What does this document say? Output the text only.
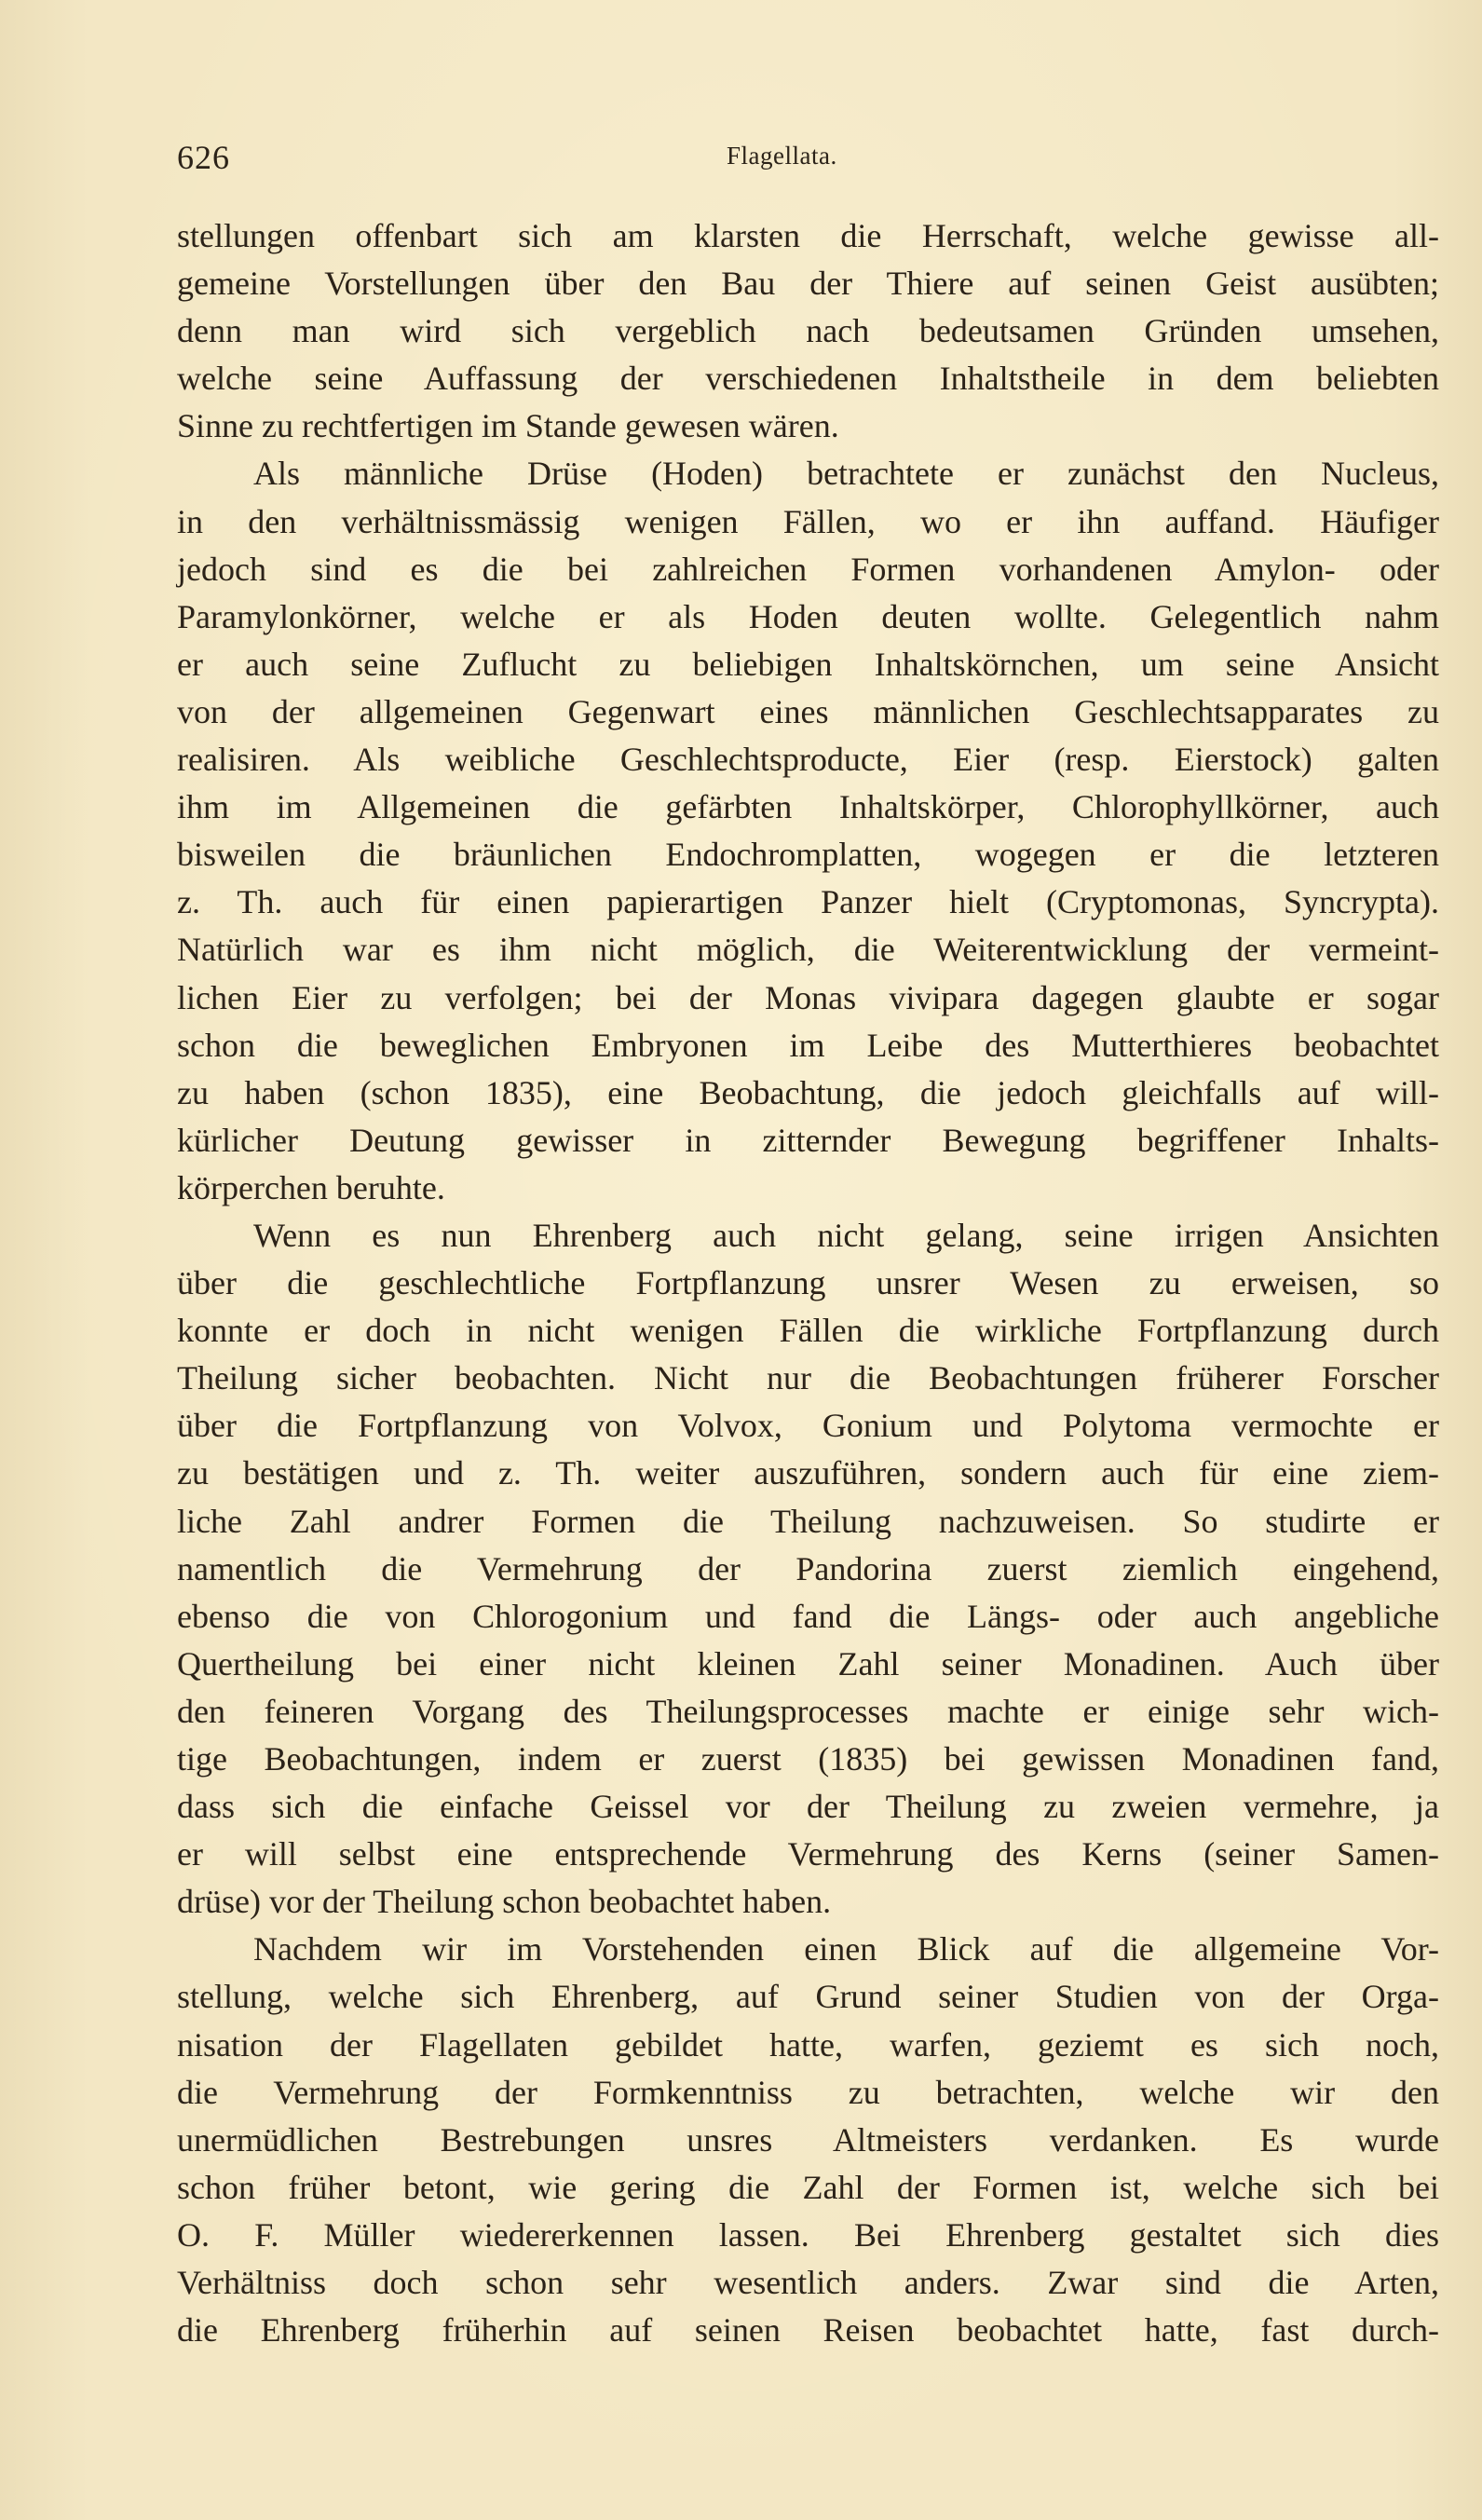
626	Flagellata.
stellungen offenbart sich am klarsten die Herrschaft, welche gewisse all-
gemeine Vorstellungen über den Bau der Thiere auf seinen Geist ausübten;
denn man wird sich vergeblich nach bedeutsamen Gründen umsehen,
welche seine Auffassung der verschiedenen Inhaltstheile in dem beliebten
Sinne zu rechtfertigen im Stande gewesen wären.
Als männliche Drüse (Hoden) betrachtete er zunächst den Nucleus,
in den verhältnissmässig wenigen Fällen, wo er ihn auffand. Häufiger
jedoch sind es die bei zahlreichen Formen vorhandenen Amylon- oder
Paramylonkörner, welche er als Hoden deuten wollte. Gelegentlich nahm
er auch seine Zuflucht zu beliebigen Inhaltskörnchen, um seine Ansicht
von der allgemeinen Gegenwart eines männlichen Geschlechtsapparates zu
realisiren. Als weibliche Geschlechtsproducte, Eier (resp. Eierstock) galten
ihm im Allgemeinen die gefärbten Inhaltskörper, Chlorophyllkörner, auch
bisweilen die bräunlichen Endochromplatten, wogegen er die letzteren
z. Th. auch für einen papierartigen Panzer hielt (Cryptomonas, Syncrypta).
Natürlich war es ihm nicht möglich, die Weiterentwicklung der vermeint-
lichen Eier zu verfolgen; bei der Monas vivipara dagegen glaubte er sogar
schon die beweglichen Embryonen im Leibe des Mutterthieres beobachtet
zu haben (schon 1835), eine Beobachtung, die jedoch gleichfalls auf will-
kürlicher Deutung gewisser in zitternder Bewegung begriffener Inhalts-
körperchen beruhte.
Wenn es nun Ehrenberg auch nicht gelang, seine irrigen Ansichten
über die geschlechtliche Fortpflanzung unsrer Wesen zu erweisen, so
konnte er doch in nicht wenigen Fällen die wirkliche Fortpflanzung durch
Theilung sicher beobachten. Nicht nur die Beobachtungen früherer Forscher
über die Fortpflanzung von Volvox, Gonium und Polytoma vermochte er
zu bestätigen und z. Th. weiter auszuführen, sondern auch für eine ziem-
liche Zahl andrer Formen die Theilung nachzuweisen. So studirte er
namentlich die Vermehrung der Pandorina zuerst ziemlich eingehend,
ebenso die von Chlorogonium und fand die Längs- oder auch angebliche
Quertheilung bei einer nicht kleinen Zahl seiner Monadinen. Auch über
den feineren Vorgang des Theilungsprocesses machte er einige sehr wich-
tige Beobachtungen, indem er zuerst (1835) bei gewissen Monadinen fand,
dass sich die einfache Geissel vor der Theilung zu zweien vermehre, ja
er will selbst eine entsprechende Vermehrung des Kerns (seiner Samen-
drüse) vor der Theilung schon beobachtet haben.
Nachdem wir im Vorstehenden einen Blick auf die allgemeine Vor-
stellung, welche sich Ehrenberg, auf Grund seiner Studien von der Orga-
nisation der Flagellaten gebildet hatte, warfen, geziemt es sich noch,
die Vermehrung der Formkenntniss zu betrachten, welche wir den
unermüdlichen Bestrebungen unsres Altmeisters verdanken. Es wurde
schon früher betont, wie gering die Zahl der Formen ist, welche sich bei
O. F. Müller wiedererkennen lassen. Bei Ehrenberg gestaltet sich dies
Verhältniss doch schon sehr wesentlich anders. Zwar sind die Arten,
die Ehrenberg früherhin auf seinen Reisen beobachtet hatte, fast durch-
